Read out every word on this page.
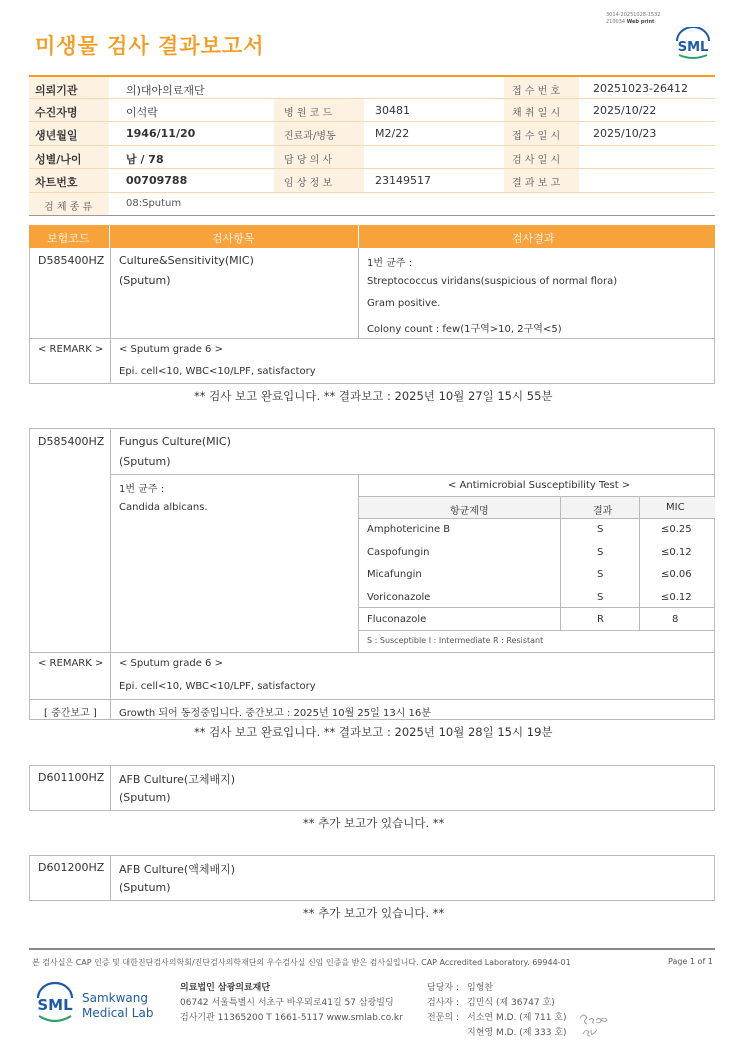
미생물 검사 결과보고서
3014-20251028-1532
210034 Web print
SML
의뢰기관	의)대아의료재단	접 수 번 호	20251023-26412
수진자명	이석락	병 원 코 드	30481	채 취 일 시	2025/10/22
생년월일	1946/11/20	진료과/병동	M2/22	접 수 일 시	2025/10/23
성별/나이	남 / 78	담 당 의 사	검 사 일 시
차트번호	00709788	임 상 정 보	23149517	결 과 보 고
검 체 종 류	08:Sputum
보험코드	검사항목	검사결과
D585400HZ Culture&Sensitivity(MIC)
(Sputum)
1번 균주 :
Streptococcus viridans(suspicious of normal flora)
Gram positive.
Colony count : few(1구역>10, 2구역<5)
< REMARK > < Sputum grade 6 >
Epi. cell<10, WBC<10/LPF, satisfactory
** 검사 보고 완료입니다. ** 결과보고 : 2025년 10월 27일 15시 55분
D585400HZ Fungus Culture(MIC)
(Sputum)
1번 균주 :
Candida albicans.
< Antimicrobial Susceptibility Test >
항균제명	결과	MIC
Amphotericine B	S	≤0.25
Caspofungin	S	≤0.12
Micafungin	S	≤0.06
Voriconazole	S	≤0.12
Fluconazole	R	8
S : Susceptible I : Intermediate R : Resistant
< REMARK > < Sputum grade 6 >
Epi. cell<10, WBC<10/LPF, satisfactory
[ 중간보고 ] Growth 되어 동정중입니다. 중간보고 : 2025년 10월 25일 13시 16분
** 검사 보고 완료입니다. ** 결과보고 : 2025년 10월 28일 15시 19분
D601100HZ AFB Culture(고체배지)
(Sputum)
** 추가 보고가 있습니다. **
D601200HZ AFB Culture(액체배지)
(Sputum)
** 추가 보고가 있습니다. **
본 검사실은 CAP 인증 및 대한진단검사의학회/진단검사의학재단의 우수검사실 신임 인증을 받은 검사실입니다. CAP Accredited Laboratory. 69944-01	Page 1 of 1
SML Samkwang
Medical Lab
의료법인 삼광의료재단
06742 서울특별시 서초구 바우뫼로41길 57 삼광빌딩
검사기관 11365200 T 1661-5117 www.smlab.co.kr
담당자 : 임형찬
검사자 : 김민식 (제 36747 호)
전문의 : 서소연 M.D. (제 711 호)
지현영 M.D. (제 333 호)
